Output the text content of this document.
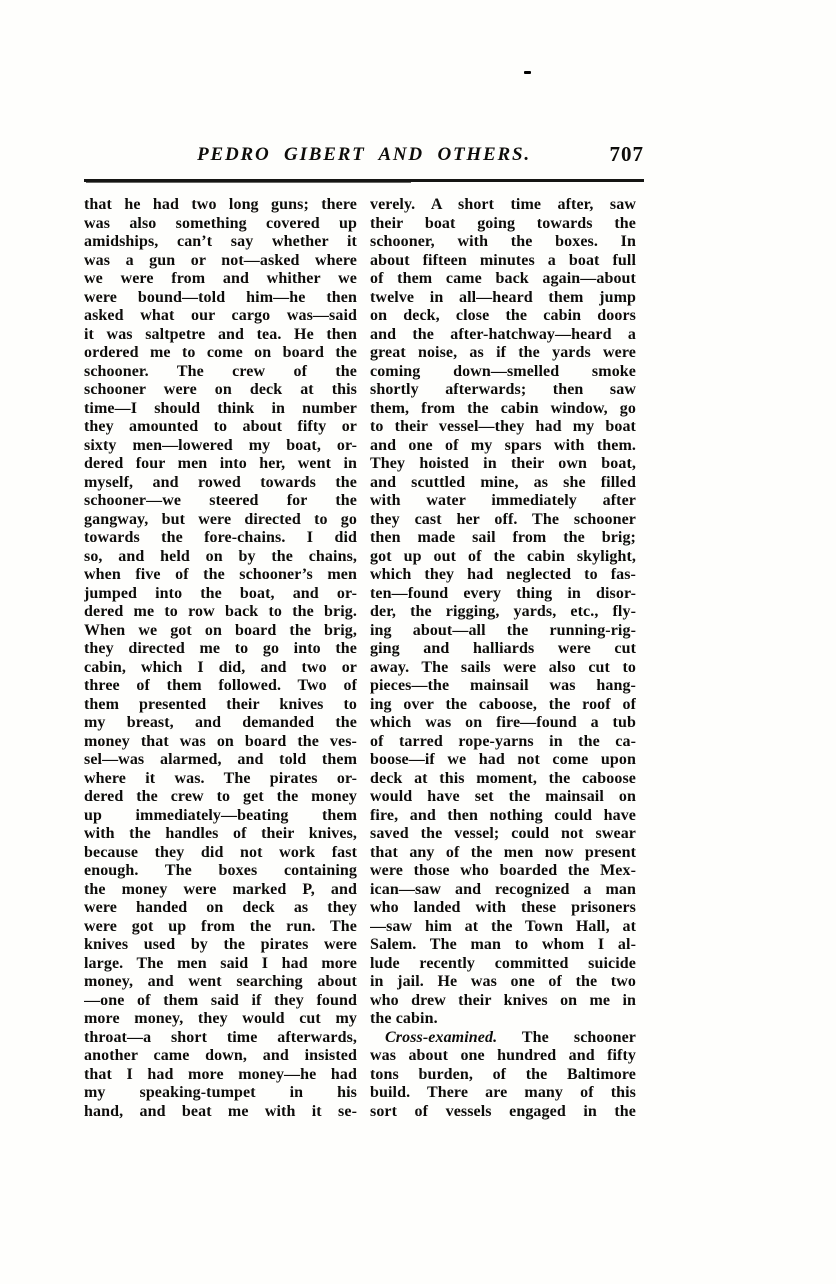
PEDRO GIBERT AND OTHERS.	707
that he had two long guns; there
was also something covered up
amidships, can’t say whether it
was a gun or not—asked where
we were from and whither we
were bound—told him—he then
asked what our cargo was—said
it was saltpetre and tea. He then
ordered me to come on board the
schooner. The crew of the
schooner were on deck at this
time—I should think in number
they amounted to about fifty or
sixty men—lowered my boat, or-
dered four men into her, went in
myself, and rowed towards the
schooner—we steered for the
gangway, but were directed to go
towards the fore-chains. I did
so, and held on by the chains,
when five of the schooner’s men
jumped into the boat, and or-
dered me to row back to the brig.
When we got on board the brig,
they directed me to go into the
cabin, which I did, and two or
three of them followed. Two of
them presented their knives to
my breast, and demanded the
money that was on board the ves-
sel—was alarmed, and told them
where it was. The pirates or-
dered the crew to get the money
up immediately—beating them
with the handles of their knives,
because they did not work fast
enough. The boxes containing
the money were marked P, and
were handed on deck as they
were got up from the run. The
knives used by the pirates were
large. The men said I had more
money, and went searching about
—one of them said if they found
more money, they would cut my
throat—a short time afterwards,
another came down, and insisted
that I had more money—he had
my speaking-tumpet in his
hand, and beat me with it se-
verely. A short time after, saw
their boat going towards the
schooner, with the boxes. In
about fifteen minutes a boat full
of them came back again—about
twelve in all—heard them jump
on deck, close the cabin doors
and the after-hatchway—heard a
great noise, as if the yards were
coming down—smelled smoke
shortly afterwards; then saw
them, from the cabin window, go
to their vessel—they had my boat
and one of my spars with them.
They hoisted in their own boat,
and scuttled mine, as she filled
with water immediately after
they cast her off. The schooner
then made sail from the brig;
got up out of the cabin skylight,
which they had neglected to fas-
ten—found every thing in disor-
der, the rigging, yards, etc., fly-
ing about—all the running-rig-
ging and halliards were cut
away. The sails were also cut to
pieces—the mainsail was hang-
ing over the caboose, the roof of
which was on fire—found a tub
of tarred rope-yarns in the ca-
boose—if we had not come upon
deck at this moment, the caboose
would have set the mainsail on
fire, and then nothing could have
saved the vessel; could not swear
that any of the men now present
were those who boarded the Mex-
ican—saw and recognized a man
who landed with these prisoners
—saw him at the Town Hall, at
Salem. The man to whom I al-
lude recently committed suicide
in jail. He was one of the two
who drew their knives on me in
the cabin.
Cross-examined. The schooner
was about one hundred and fifty
tons burden, of the Baltimore
build. There are many of this
sort of vessels engaged in the
